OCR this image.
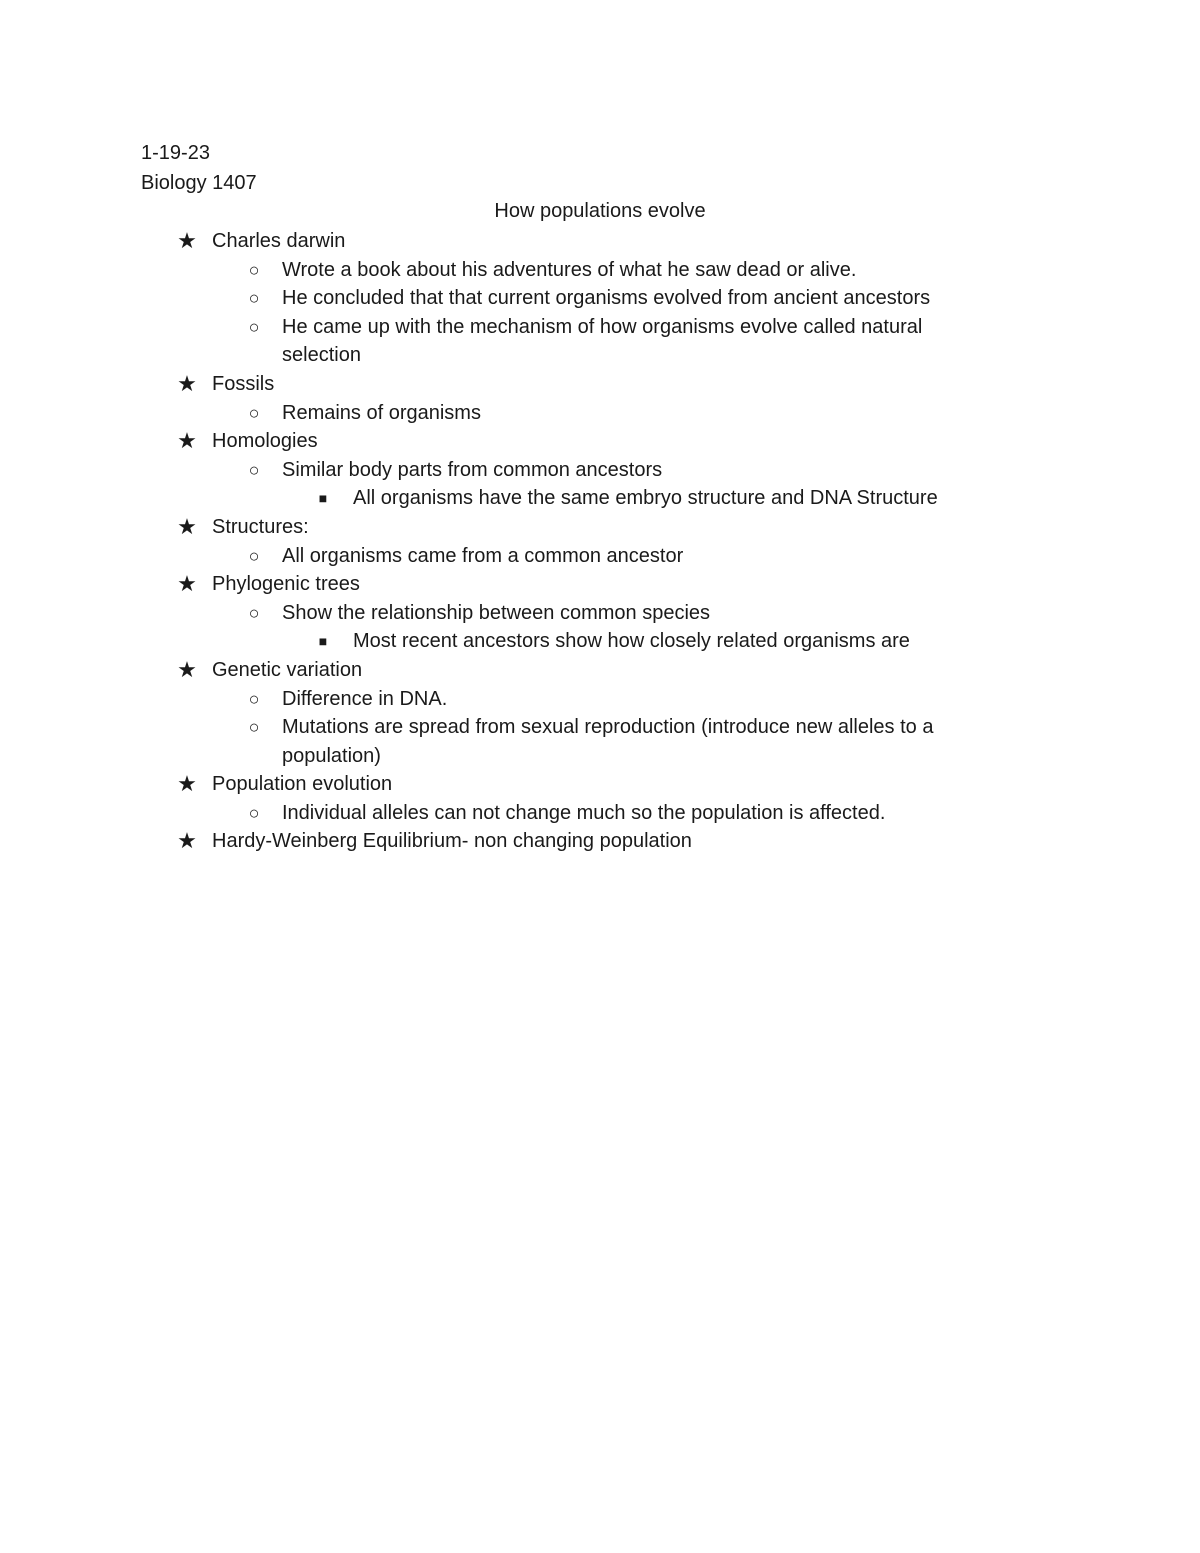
1-19-23
Biology 1407
How populations evolve
★ Charles darwin
○ Wrote a book about his adventures of what he saw dead or alive.
○ He concluded that that current organisms evolved from ancient ancestors
○ He came up with the mechanism of how organisms evolve called natural
selection
★ Fossils
○ Remains of organisms
★ Homologies
○ Similar body parts from common ancestors
■	All organisms have the same embryo structure and DNA Structure
★ Structures:
○ All organisms came from a common ancestor
★ Phylogenic trees
○ Show the relationship between common species
■	Most recent ancestors show how closely related organisms are
★ Genetic variation
○ Difference in DNA.
○ Mutations are spread from sexual reproduction (introduce new alleles to a
population)
★ Population evolution
○ Individual alleles can not change much so the population is affected.
★ Hardy-Weinberg Equilibrium- non changing population
